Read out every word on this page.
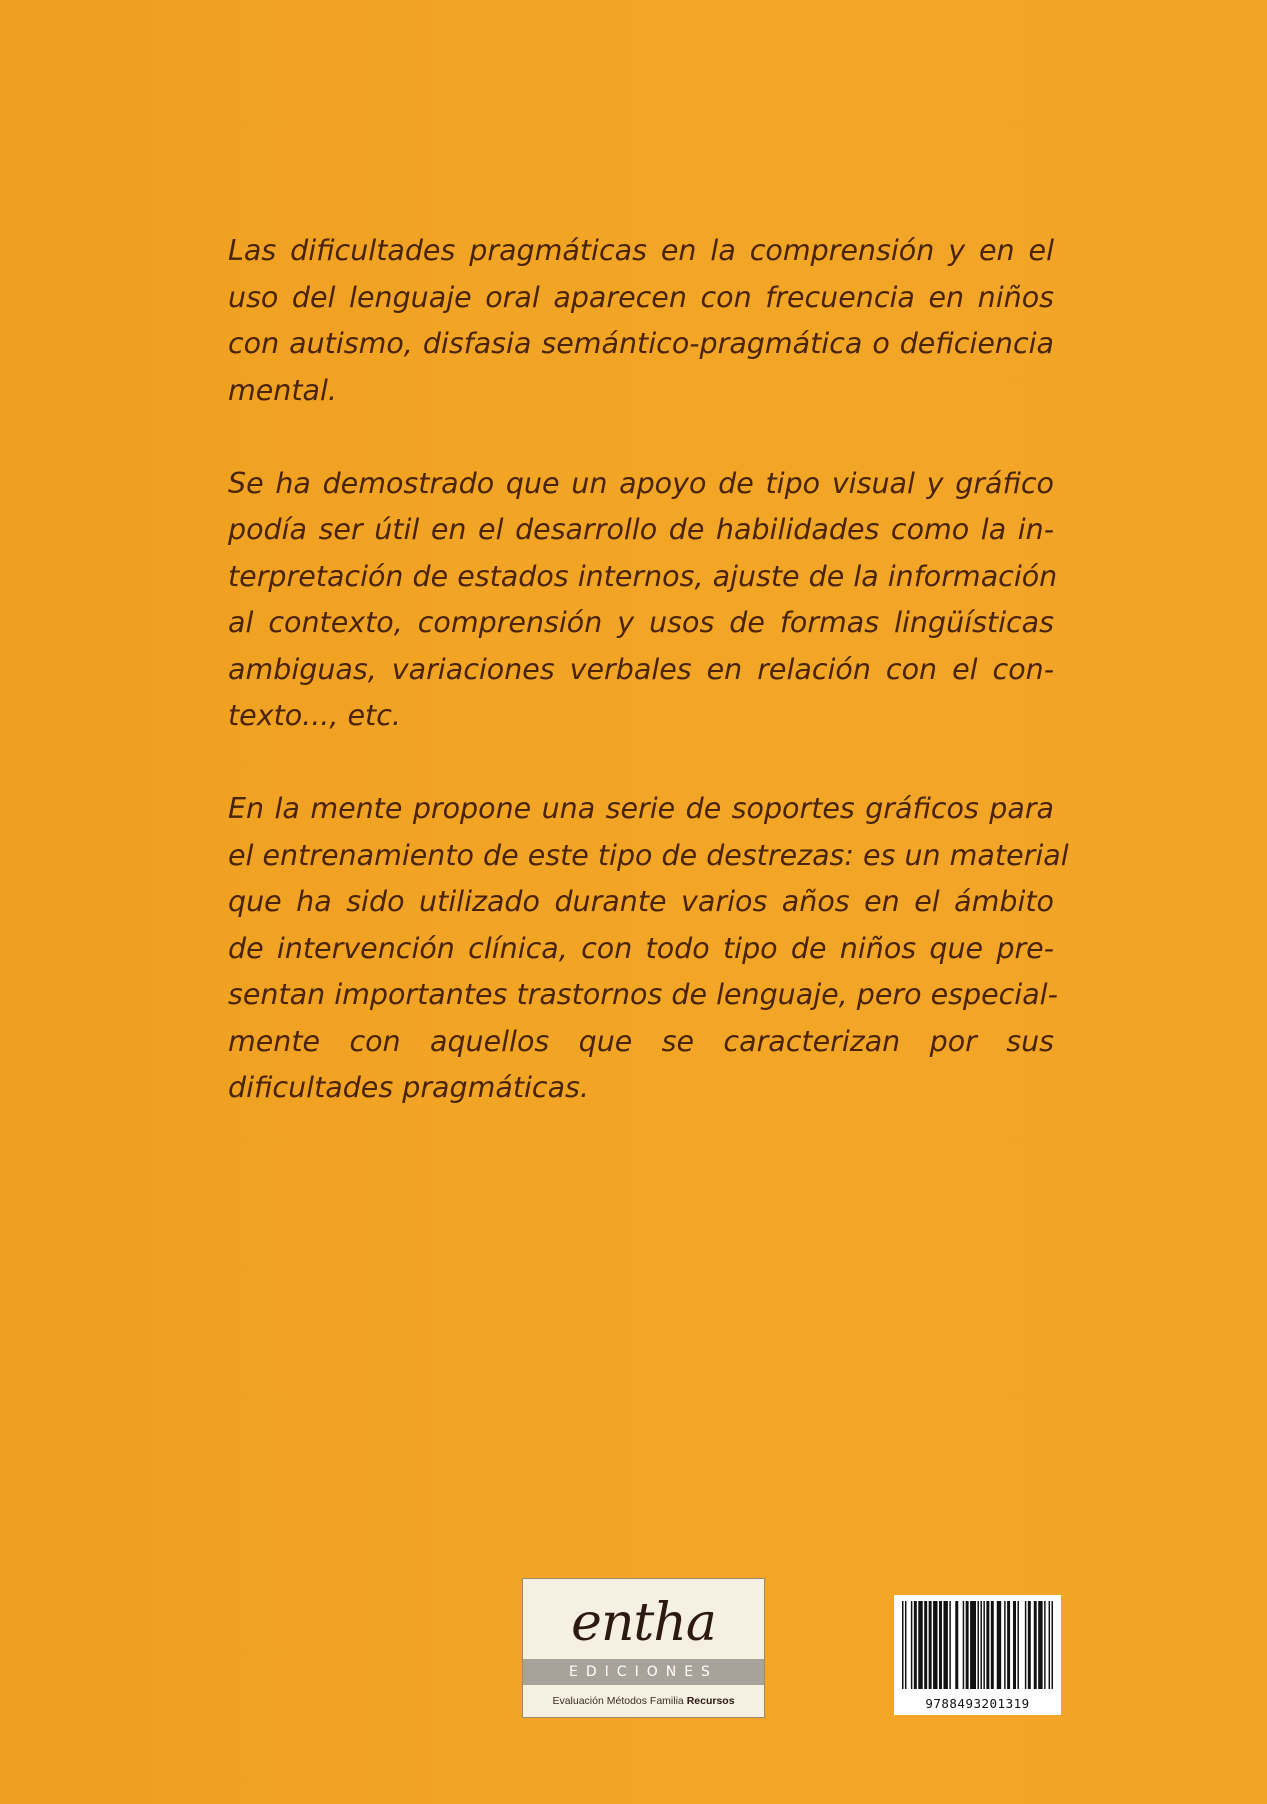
Las dificultades pragmáticas en la comprensión y en el
uso del lenguaje oral aparecen con frecuencia en niños
con autismo, disfasia semántico-pragmática o deficiencia
mental.

Se ha demostrado que un apoyo de tipo visual y gráfico
podía ser útil en el desarrollo de habilidades como la in-
terpretación de estados internos, ajuste de la información
al contexto, comprensión y usos de formas lingüísticas
ambiguas, variaciones verbales en relación con el con-
texto..., etc.

En la mente propone una serie de soportes gráficos para
el entrenamiento de este tipo de destrezas: es un material
que ha sido utilizado durante varios años en el ámbito
de intervención clínica, con todo tipo de niños que pre-
sentan importantes trastornos de lenguaje, pero especial-
mente con aquellos que se caracterizan por sus
dificultades pragmáticas.

entha
EDICIONES
Evaluación Métodos Familia Recursos	9788493201319
